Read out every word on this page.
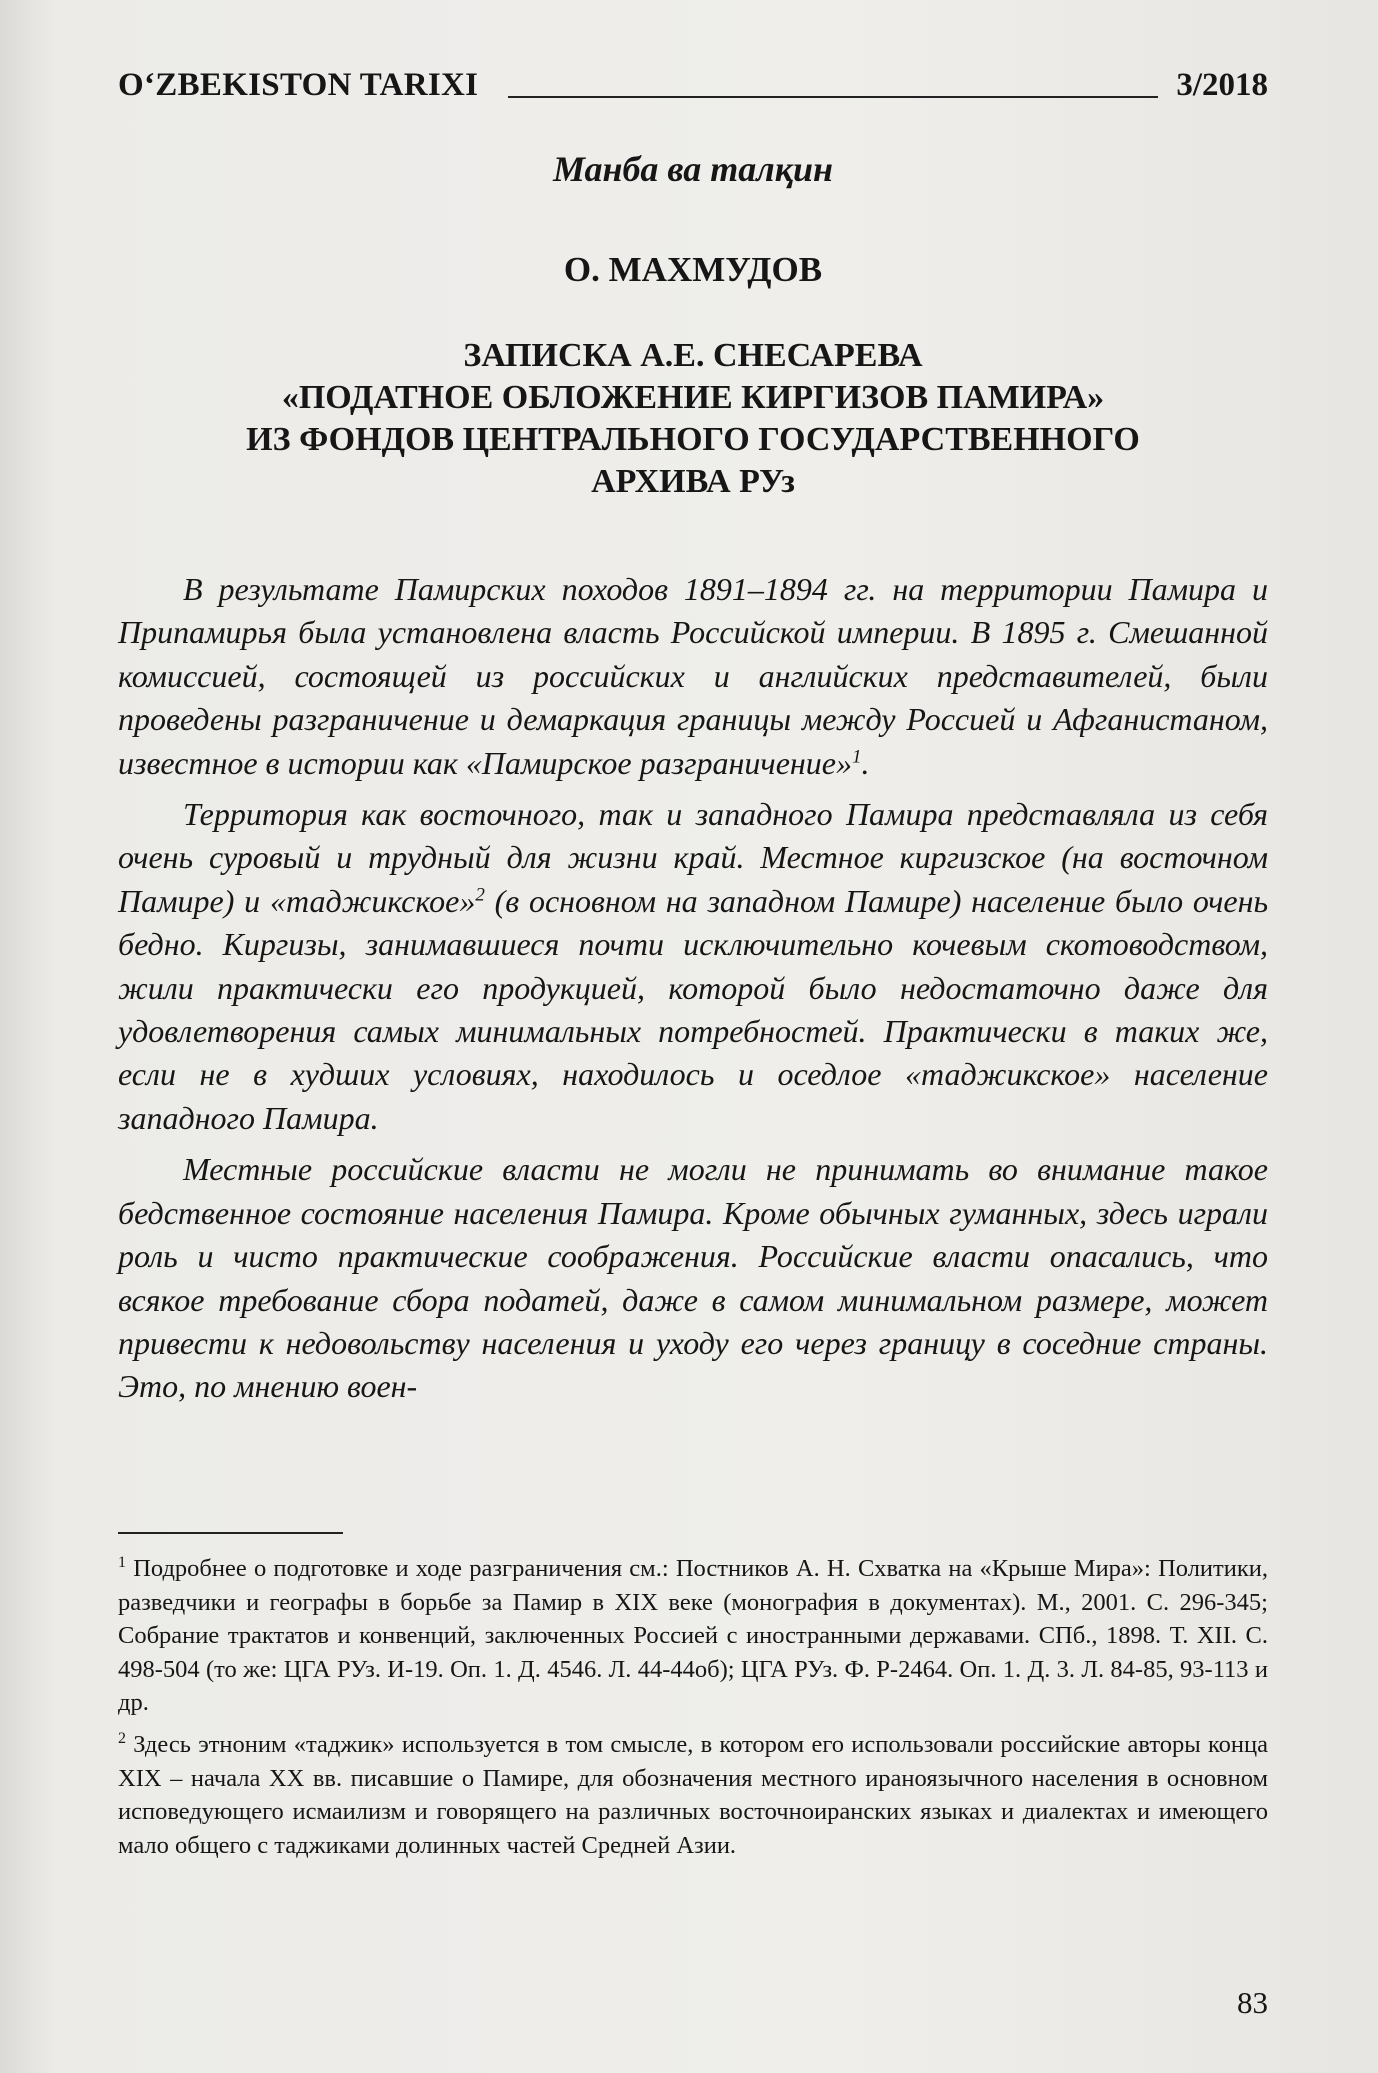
O‘ZBEKISTON TARIXI	3/2018
Манба ва талқин
О. МАХМУДОВ
ЗАПИСКА А.Е. СНЕСАРЕВА
«ПОДАТНОЕ ОБЛОЖЕНИЕ КИРГИЗОВ ПАМИРА»
ИЗ ФОНДОВ ЦЕНТРАЛЬНОГО ГОСУДАРСТВЕННОГО
АРХИВА РУз

В результате Памирских походов 1891–1894 гг. на территории Памира и Припамирья была установлена власть Российской империи. В 1895 г. Смешанной комиссией, состоящей из российских и английских представителей, были проведены разграничение и демаркация границы между Россией и Афганистаном, известное в истории как «Памирское разграничение»$^1$.

Территория как восточного, так и западного Памира представляла из себя очень суровый и трудный для жизни край. Местное киргизское (на восточном Памире) и «таджикское»$^2$ (в основном на западном Памире) население было очень бедно. Киргизы, занимавшиеся почти исключительно кочевым скотоводством, жили практически его продукцией, которой было недостаточно даже для удовлетворения самых минимальных потребностей. Практически в таких же, если не в худших условиях, находилось и оседлое «таджикское» население западного Памира.

Местные российские власти не могли не принимать во внимание такое бедственное состояние населения Памира. Кроме обычных гуманных, здесь играли роль и чисто практические соображения. Российские власти опасались, что всякое требование сбора податей, даже в самом минимальном размере, может привести к недовольству населения и уходу его через границу в соседние страны. Это, по мнению воен-

$^1$ Подробнее о подготовке и ходе разграничения см.: Постников А. Н. Схватка на «Крыше Мира»: Политики, разведчики и географы в борьбе за Памир в XIX веке (монография в документах). М., 2001. С. 296-345; Собрание трактатов и конвенций, заключенных Россией с иностранными державами. СПб., 1898. Т. XII. С. 498-504 (то же: ЦГА РУз. И-19. Оп. 1. Д. 4546. Л. 44-44об); ЦГА РУз. Ф. Р-2464. Оп. 1. Д. 3. Л. 84-85, 93-113 и др.

$^2$ Здесь этноним «таджик» используется в том смысле, в котором его использовали российские авторы конца XIX – начала XX вв. писавшие о Памире, для обозначения местного ираноязычного населения в основном исповедующего исмаилизм и говорящего на различных восточноиранских языках и диалектах и имеющего мало общего с таджиками долинных частей Средней Азии.

83
